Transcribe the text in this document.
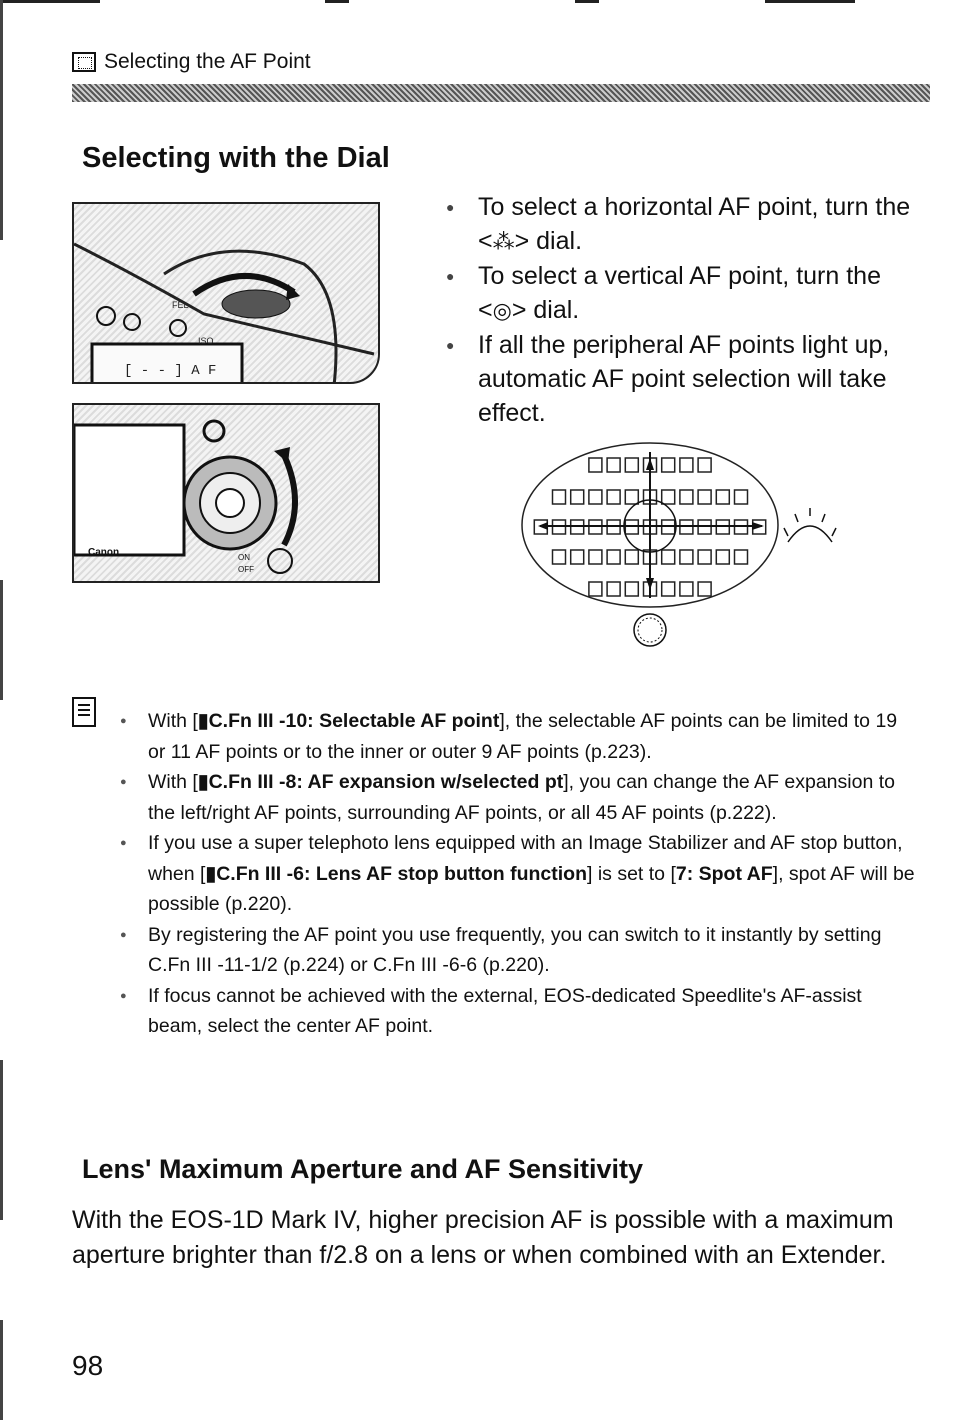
Selecting the AF Point
Selecting with the Dial
[ - - ] A F
FEL
ISO
Canon	ON
OFF
● To select a horizontal AF point, turn the <⁂> dial.
● To select a vertical AF point, turn the <◎> dial.
● If all the peripheral AF points light up, automatic AF point selection will take effect.
● With [▮C.Fn III -10: Selectable AF point], the selectable AF points can be limited to 19 or 11 AF points or to the inner or outer 9 AF points (p.223).
● With [▮C.Fn III -8: AF expansion w/selected pt], you can change the AF expansion to the left/right AF points, surrounding AF points, or all 45 AF points (p.222).
● If you use a super telephoto lens equipped with an Image Stabilizer and AF stop button, when [▮C.Fn III -6: Lens AF stop button function] is set to [7: Spot AF], spot AF will be possible (p.220).
● By registering the AF point you use frequently, you can switch to it instantly by setting C.Fn III -11-1/2 (p.224) or C.Fn III -6-6 (p.220).
● If focus cannot be achieved with the external, EOS-dedicated Speedlite's AF-assist beam, select the center AF point.
Lens' Maximum Aperture and AF Sensitivity
With the EOS-1D Mark IV, higher precision AF is possible with a maximum aperture brighter than f/2.8 on a lens or when combined with an Extender.
98
